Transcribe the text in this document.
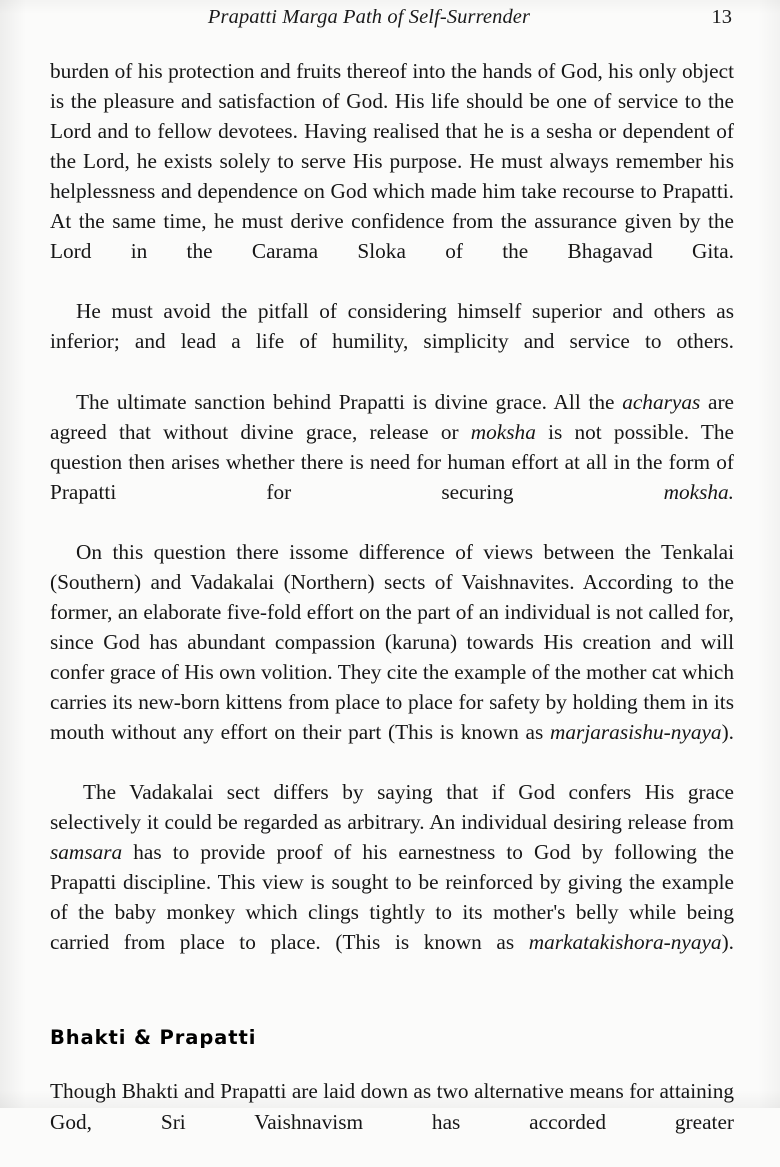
Prapatti Marga Path of Self-Surrender	13

burden of his protection and fruits thereof into the hands of God, his only object is the pleasure and satisfaction of God. His life should be one of service to the Lord and to fellow devotees. Having realised that he is a sesha or dependent of the Lord, he exists solely to serve His purpose. He must always remember his helplessness and dependence on God which made him take recourse to Prapatti. At the same time, he must derive confidence from the assurance given by the Lord in the Carama Sloka of the Bhagavad Gita.

He must avoid the pitfall of considering himself superior and others as inferior; and lead a life of humility, simplicity and service to others.

The ultimate sanction behind Prapatti is divine grace. All the acharyas are agreed that without divine grace, release or moksha is not possible. The question then arises whether there is need for human effort at all in the form of Prapatti for securing moksha.

On this question there issome difference of views between the Tenkalai (Southern) and Vadakalai (Northern) sects of Vaishnavites. According to the former, an elaborate five-fold effort on the part of an individual is not called for, since God has abundant compassion (karuna) towards His creation and will confer grace of His own volition. They cite the example of the mother cat which carries its new-born kittens from place to place for safety by holding them in its mouth without any effort on their part (This is known as marjarasishu-nyaya).

The Vadakalai sect differs by saying that if God confers His grace selectively it could be regarded as arbitrary. An individual desiring release from samsara has to provide proof of his earnestness to God by following the Prapatti discipline. This view is sought to be reinforced by giving the example of the baby monkey which clings tightly to its mother's belly while being carried from place to place. (This is known as markatakishora-nyaya).

Bhakti & Prapatti

Though Bhakti and Prapatti are laid down as two alternative means for attaining God, Sri Vaishnavism has accorded greater
